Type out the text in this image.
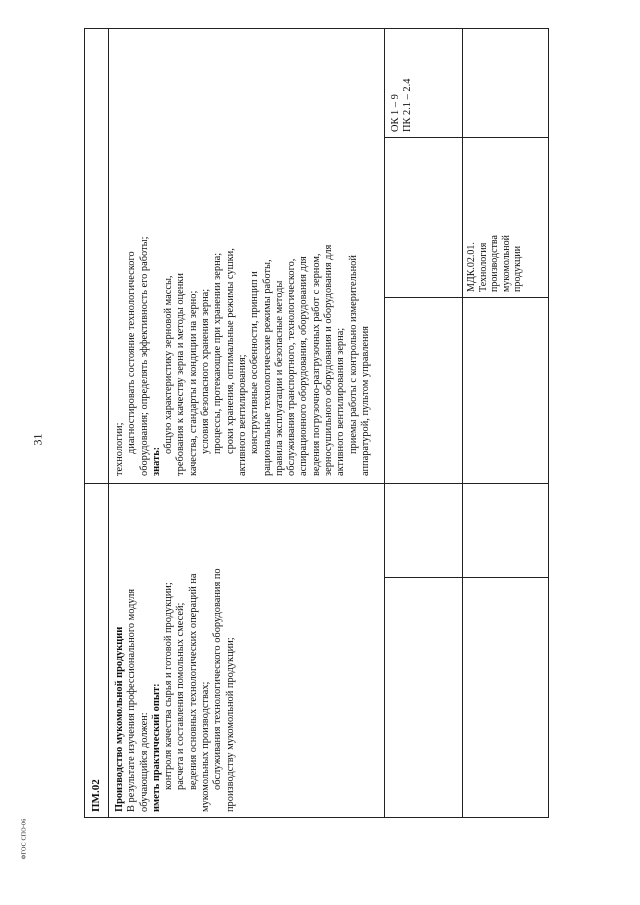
31
ФГОС СПО-06
ПМ.02 Производство мукомольной продукции В результате изучения профессионального модуля обучающийся должен: иметь практический опыт: контроля качества сырья и готовой продукции; расчета и составления помольных смесей; ведения основных технологических операций на мукомольных производствах; обслуживания технологического оборудования по производству мукомольной продукции;
технологии; диагностировать состояние технологического оборудования; определять эффективность его работы; знать:
общую характеристику зерновой массы, требования к качеству зерна и методы оценки качества, стандарты и кондиции на зерно; условия безопасного хранения зерна; процессы, протекающие при хранении зерна; сроки хранения, оптимальные режимы сушки, активного вентилирования; конструктивные особенности, принцип и рациональные технологические режимы работы, правила эксплуатации и безопасные методы обслуживания транспортного, технологического, аспирационного оборудования, оборудования для ведения погрузочно-разгрузочных работ с зерном, зерносушильного оборудования и оборудования для активного вентилирования зерна; приемы работы с контрольно измерительной аппаратурой, пультом управления
МДК.02.01. Технология производства мукомольной продукции
ОК 1 – 9 ПК 2.1 – 2.4
